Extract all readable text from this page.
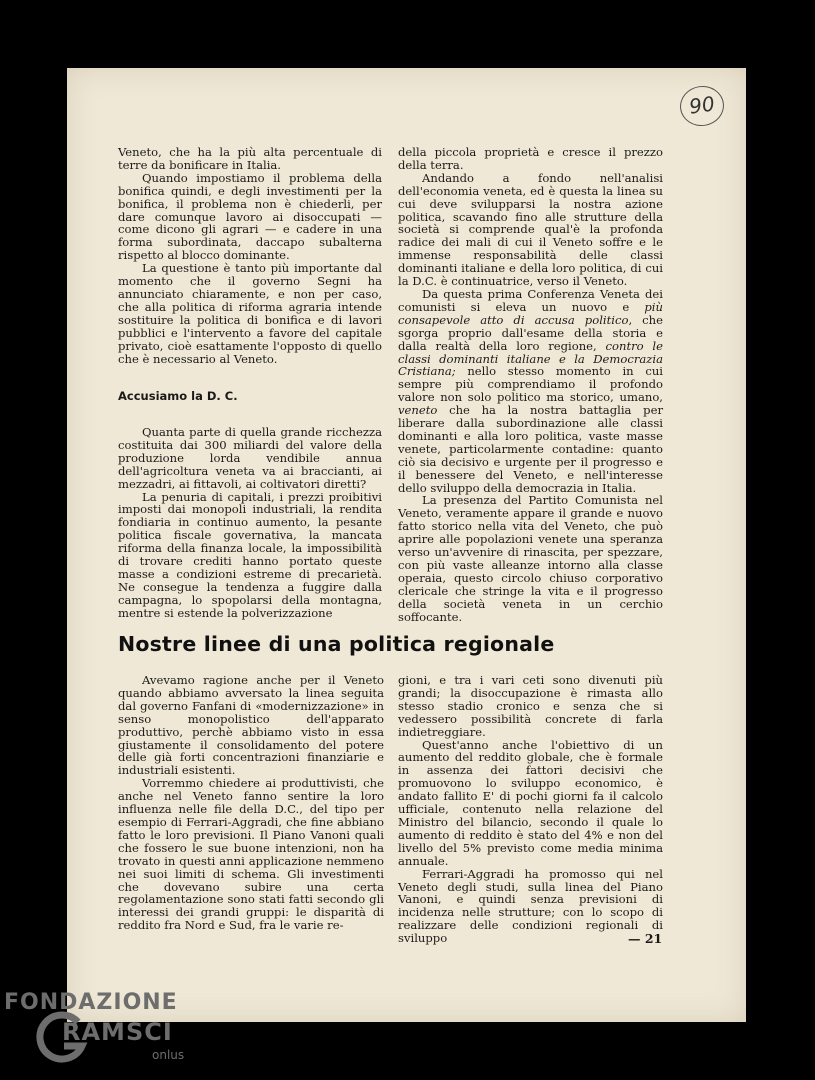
90

Veneto, che ha la più alta percentuale di terre da bonificare in Italia.

Quando impostiamo il problema della bonifica quindi, e degli investimenti per la bonifica, il problema non è chiederli, per dare comunque lavoro ai disoccupati — come dicono gli agrari — e cadere in una forma subordinata, daccapo subalterna rispetto al blocco dominante.

La questione è tanto più importante dal momento che il governo Segni ha annunciato chiaramente, e non per caso, che alla politica di riforma agraria intende sostituire la politica di bonifica e di lavori pubblici e l'intervento a favore del capitale privato, cioè esattamente l'opposto di quello che è necessario al Veneto.

Accusiamo la D. C.

Quanta parte di quella grande ricchezza costituita dai 300 miliardi del valore della produzione lorda vendibile annua dell'agricoltura veneta va ai braccianti, ai mezzadri, ai fittavoli, ai coltivatori diretti?

La penuria di capitali, i prezzi proibitivi imposti dai monopoli industriali, la rendita fondiaria in continuo aumento, la pesante politica fiscale governativa, la mancata riforma della finanza locale, la impossibilità di trovare crediti hanno portato queste masse a condizioni estreme di precarietà. Ne consegue la tendenza a fuggire dalla campagna, lo spopolarsi della montagna, mentre si estende la polverizzazione

della piccola proprietà e cresce il prezzo della terra.

Andando a fondo nell'analisi dell'economia veneta, ed è questa la linea su cui deve svilupparsi la nostra azione politica, scavando fino alle strutture della società si comprende qual'è la profonda radice dei mali di cui il Veneto soffre e le immense responsabilità delle classi dominanti italiane e della loro politica, di cui la D.C. è continuatrice, verso il Veneto.

Da questa prima Conferenza Veneta dei comunisti si eleva un nuovo e più consapevole atto di accusa politico, che sgorga proprio dall'esame della storia e dalla realtà della loro regione, contro le classi dominanti italiane e la Democrazia Cristiana; nello stesso momento in cui sempre più comprendiamo il profondo valore non solo politico ma storico, umano, veneto che ha la nostra battaglia per liberare dalla subordinazione alle classi dominanti e alla loro politica, vaste masse venete, particolarmente contadine: quanto ciò sia decisivo e urgente per il progresso e il benessere del Veneto, e nell'interesse dello sviluppo della democrazia in Italia.

La presenza del Partito Comunista nel Veneto, veramente appare il grande e nuovo fatto storico nella vita del Veneto, che può aprire alle popolazioni venete una speranza verso un'avvenire di rinascita, per spezzare, con più vaste alleanze intorno alla classe operaia, questo circolo chiuso corporativo clericale che stringe la vita e il progresso della società veneta in un cerchio soffocante.

Nostre linee di una politica regionale

Avevamo ragione anche per il Veneto quando abbiamo avversato la linea seguita dal governo Fanfani di «modernizzazione» in senso monopolistico dell'apparato produttivo, perchè abbiamo visto in essa giustamente il consolidamento del potere delle già forti concentrazioni finanziarie e industriali esistenti.

Vorremmo chiedere ai produttivisti, che anche nel Veneto fanno sentire la loro influenza nelle file della D.C., del tipo per esempio di Ferrari-Aggradi, che fine abbiano fatto le loro previsioni. Il Piano Vanoni quali che fossero le sue buone intenzioni, non ha trovato in questi anni applicazione nemmeno nei suoi limiti di schema. Gli investimenti che dovevano subire una certa regolamentazione sono stati fatti secondo gli interessi dei grandi gruppi: le disparità di reddito fra Nord e Sud, fra le varie re-

gioni, e tra i vari ceti sono divenuti più grandi; la disoccupazione è rimasta allo stesso stadio cronico e senza che si vedessero possibilità concrete di farla indietreggiare.

Quest'anno anche l'obiettivo di un aumento del reddito globale, che è formale in assenza dei fattori decisivi che promuovono lo sviluppo economico, è andato fallito E' di pochi giorni fa il calcolo ufficiale, contenuto nella relazione del Ministro del bilancio, secondo il quale lo aumento di reddito è stato del 4% e non del livello del 5% previsto come media minima annuale.

Ferrari-Aggradi ha promosso qui nel Veneto degli studi, sulla linea del Piano Vanoni, e quindi senza previsioni di incidenza nelle strutture; con lo scopo di realizzare delle condizioni regionali di sviluppo	— 21
FONDAZIONE
RAMSCI
onlus
